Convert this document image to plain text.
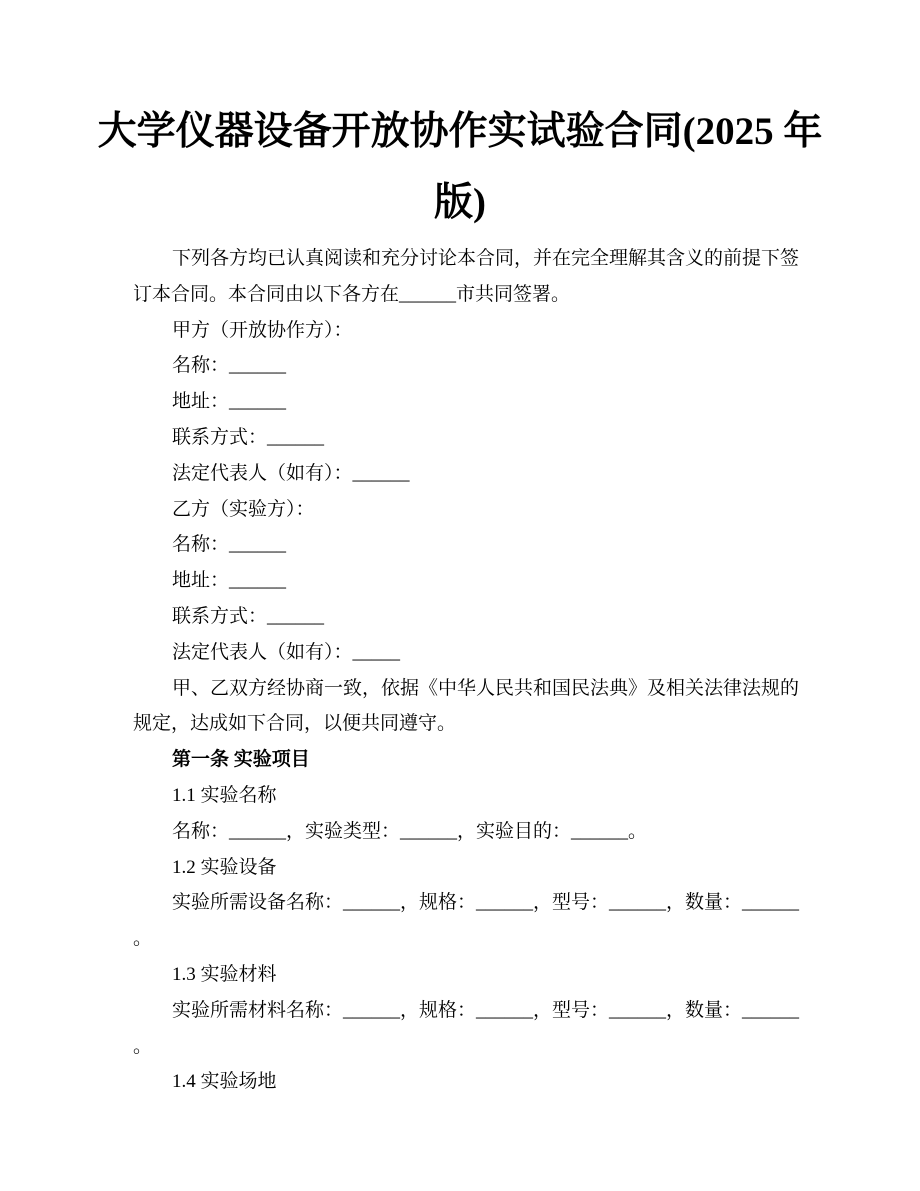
大学仪器设备开放协作实试验合同(2025 年
版)
下列各方均已认真阅读和充分讨论本合同，并在完全理解其含义的前提下签
订本合同。本合同由以下各方在______市共同签署。
甲方（开放协作方）：
名称：______
地址：______
联系方式：______
法定代表人（如有）：______
乙方（实验方）：
名称：______
地址：______
联系方式：______
法定代表人（如有）：_____
甲、乙双方经协商一致，依据《中华人民共和国民法典》及相关法律法规的
规定，达成如下合同，以便共同遵守。
第一条 实验项目
1.1 实验名称
名称：______，实验类型：______，实验目的：______。
1.2 实验设备
实验所需设备名称：______，规格：______，型号：______，数量：______
。
1.3 实验材料
实验所需材料名称：______，规格：______，型号：______，数量：______
。
1.4 实验场地
